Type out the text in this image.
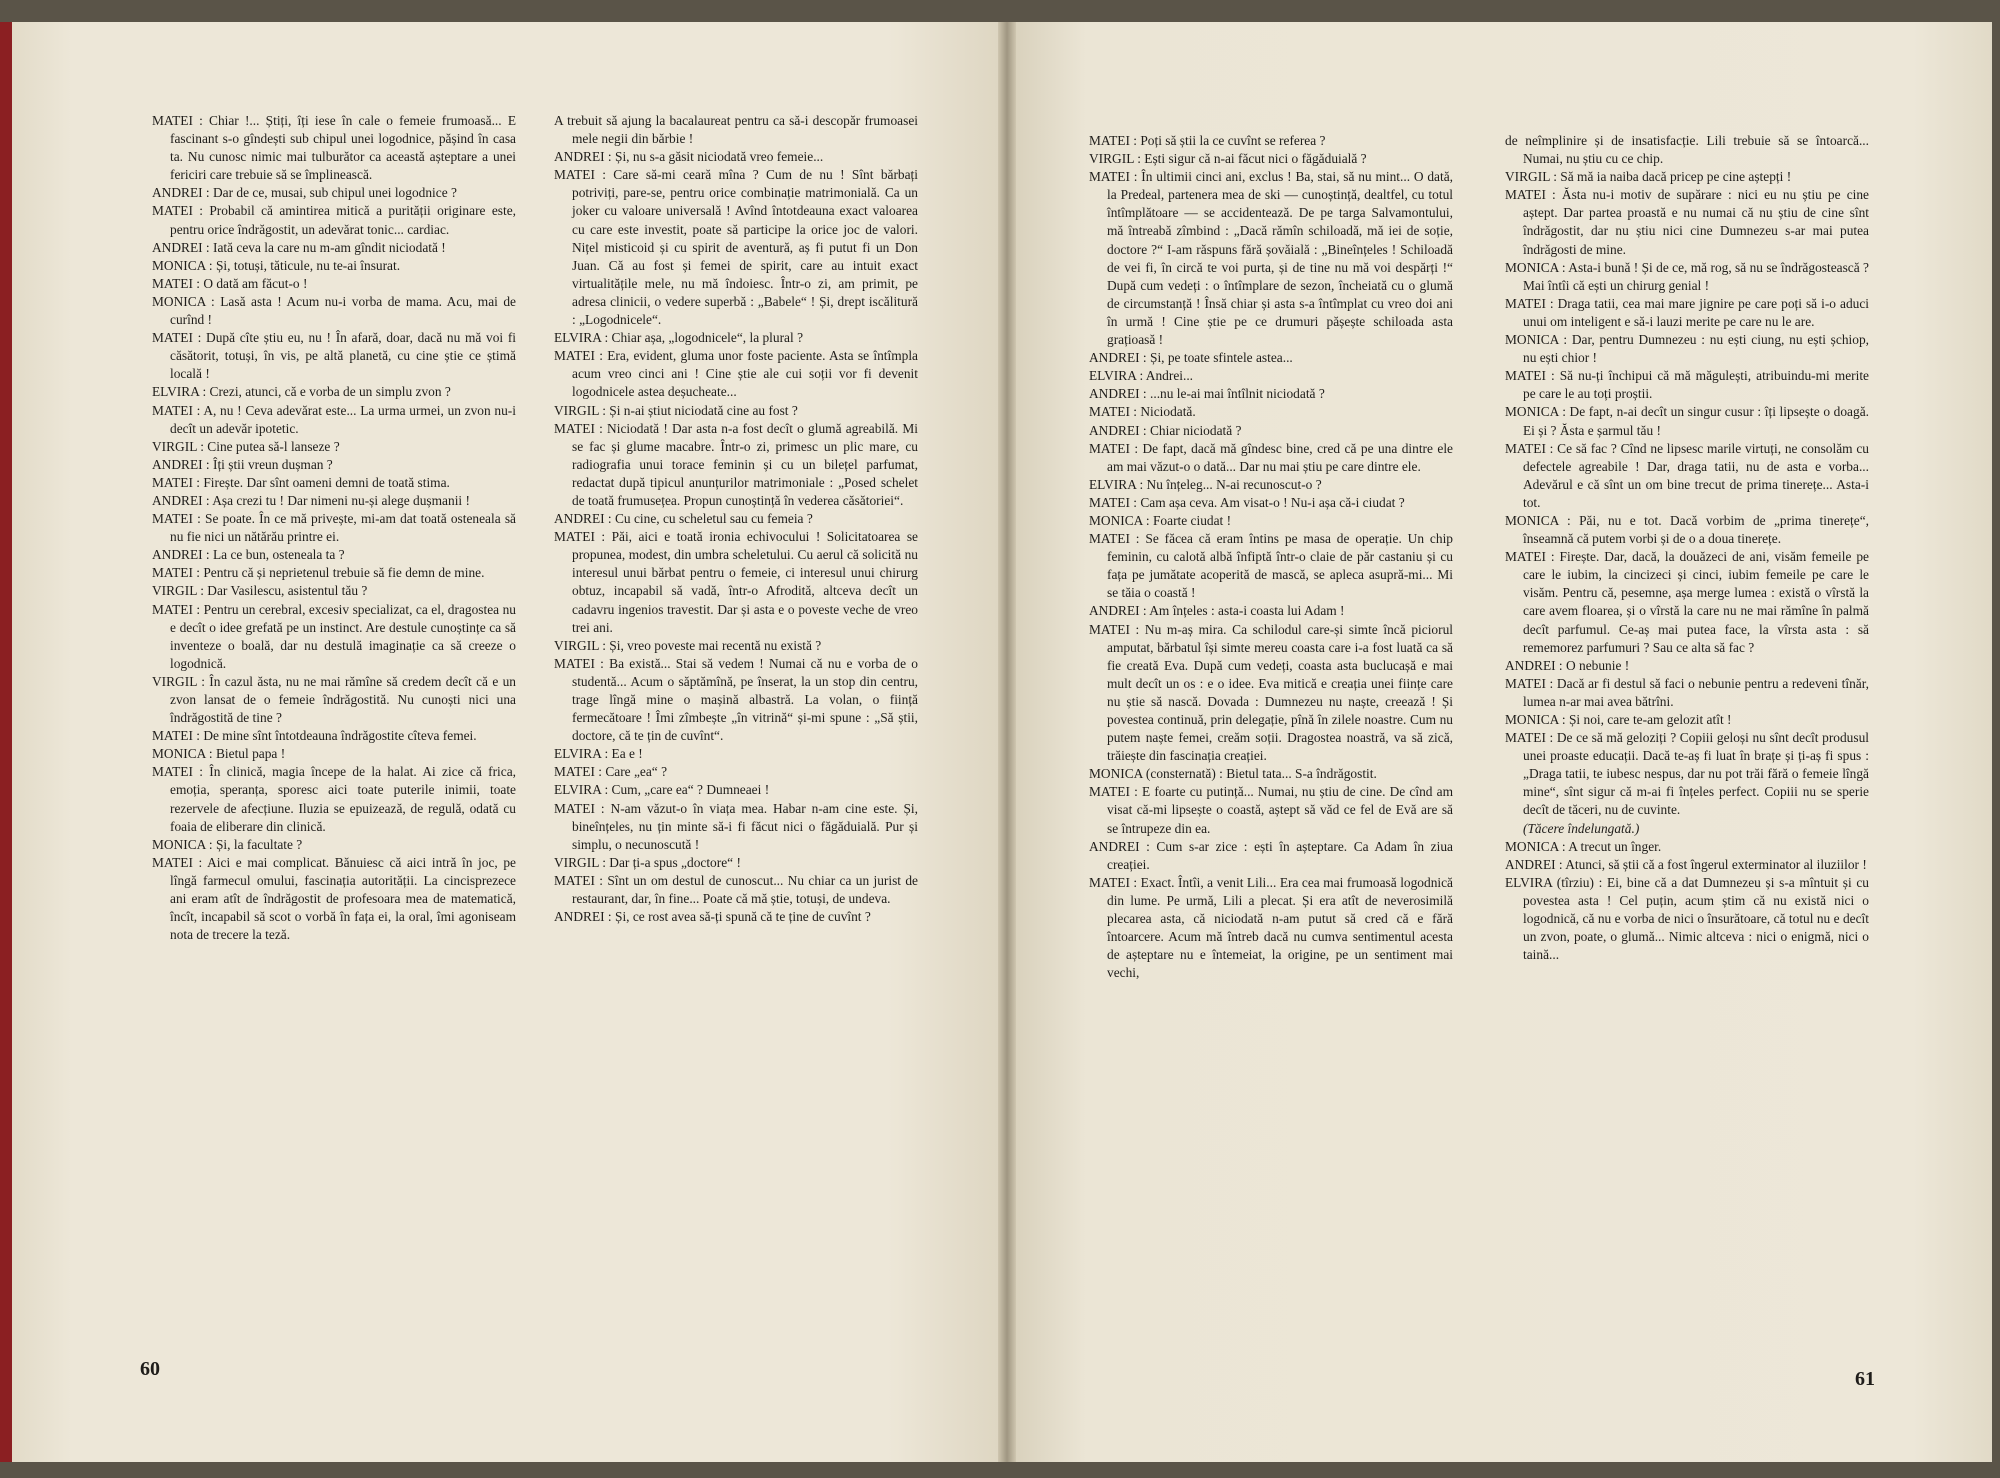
MATEI : Chiar !... Știți, îți iese în cale o femeie frumoasă... E fascinant s-o gîndești sub chipul unei logodnice, pășind în casa ta. Nu cunosc nimic mai tulburător ca această așteptare a unei fericiri care trebuie să se împlinească.

ANDREI : Dar de ce, musai, sub chipul unei logodnice ?

MATEI : Probabil că amintirea mitică a purității originare este, pentru orice îndrăgostit, un adevărat tonic... cardiac.

ANDREI : Iată ceva la care nu m-am gîndit niciodată !

MONICA : Și, totuși, tăticule, nu te-ai însurat.

MATEI : O dată am făcut-o !

MONICA : Lasă asta ! Acum nu-i vorba de mama. Acu, mai de curînd !

MATEI : După cîte știu eu, nu ! În afară, doar, dacă nu mă voi fi căsătorit, totuși, în vis, pe altă planetă, cu cine știe ce știmă locală !

ELVIRA : Crezi, atunci, că e vorba de un simplu zvon ?

MATEI : A, nu ! Ceva adevărat este... La urma urmei, un zvon nu-i decît un adevăr ipotetic.

VIRGIL : Cine putea să-l lanseze ?

ANDREI : Îți știi vreun dușman ?

MATEI : Firește. Dar sînt oameni demni de toată stima.

ANDREI : Așa crezi tu ! Dar nimeni nu-și alege dușmanii !

MATEI : Se poate. În ce mă privește, mi-am dat toată osteneala să nu fie nici un nătărău printre ei.

ANDREI : La ce bun, osteneala ta ?

MATEI : Pentru că și neprietenul trebuie să fie demn de mine.

VIRGIL : Dar Vasilescu, asistentul tău ?

MATEI : Pentru un cerebral, excesiv specializat, ca el, dragostea nu e decît o idee grefată pe un instinct. Are destule cunoștințe ca să inventeze o boală, dar nu destulă imaginație ca să creeze o logodnică.

VIRGIL : În cazul ăsta, nu ne mai rămîne să credem decît că e un zvon lansat de o femeie îndrăgostită. Nu cunoști nici una îndrăgostită de tine ?

MATEI : De mine sînt întotdeauna îndrăgostite cîteva femei.

MONICA : Bietul papa !

MATEI : În clinică, magia începe de la halat. Ai zice că frica, emoția, speranța, sporesc aici toate puterile inimii, toate rezervele de afecțiune. Iluzia se epuizează, de regulă, odată cu foaia de eliberare din clinică.

MONICA : Și, la facultate ?

MATEI : Aici e mai complicat. Bănuiesc că aici intră în joc, pe lîngă farmecul omului, fascinația autorității. La cincisprezece ani eram atît de îndrăgostit de profesoara mea de matematică, încît, incapabil să scot o vorbă în fața ei, la oral, îmi agoniseam nota de trecere la teză.

A trebuit să ajung la bacalaureat pentru ca să-i descopăr frumoasei mele negii din bărbie !

ANDREI : Și, nu s-a găsit niciodată vreo femeie...

MATEI : Care să-mi ceară mîna ? Cum de nu ! Sînt bărbați potriviți, pare-se, pentru orice combinație matrimonială. Ca un joker cu valoare universală ! Avînd întotdeauna exact valoarea cu care este investit, poate să participe la orice joc de valori. Nițel misticoid și cu spirit de aventură, aș fi putut fi un Don Juan. Că au fost și femei de spirit, care au intuit exact virtualitățile mele, nu mă îndoiesc. Într-o zi, am primit, pe adresa clinicii, o vedere superbă : „Babele“ ! Și, drept iscălitură : „Logodnicele“.

ELVIRA : Chiar așa, „logodnicele“, la plural ?

MATEI : Era, evident, gluma unor foste paciente. Asta se întîmpla acum vreo cinci ani ! Cine știe ale cui soții vor fi devenit logodnicele astea deșucheate...

VIRGIL : Și n-ai știut niciodată cine au fost ?

MATEI : Niciodată ! Dar asta n-a fost decît o glumă agreabilă. Mi se fac și glume macabre. Într-o zi, primesc un plic mare, cu radiografia unui torace feminin și cu un bilețel parfumat, redactat după tipicul anunțurilor matrimoniale : „Posed schelet de toată frumusețea. Propun cunoștință în vederea căsătoriei“.

ANDREI : Cu cine, cu scheletul sau cu femeia ?

MATEI : Păi, aici e toată ironia echivocului ! Solicitatoarea se propunea, modest, din umbra scheletului. Cu aerul că solicită nu interesul unui bărbat pentru o femeie, ci interesul unui chirurg obtuz, incapabil să vadă, într-o Afrodită, altceva decît un cadavru ingenios travestit. Dar și asta e o poveste veche de vreo trei ani.

VIRGIL : Și, vreo poveste mai recentă nu există ?

MATEI : Ba există... Stai să vedem ! Numai că nu e vorba de o studentă... Acum o săptămînă, pe înserat, la un stop din centru, trage lîngă mine o mașină albastră. La volan, o ființă fermecătoare ! Îmi zîmbește „în vitrină“ și-mi spune : „Să știi, doctore, că te țin de cuvînt“.

ELVIRA : Ea e !

MATEI : Care „ea“ ?

ELVIRA : Cum, „care ea“ ? Dumneaei !

MATEI : N-am văzut-o în viața mea. Habar n-am cine este. Și, bineînțeles, nu țin minte să-i fi făcut nici o făgăduială. Pur și simplu, o necunoscută !

VIRGIL : Dar ți-a spus „doctore“ !

MATEI : Sînt un om destul de cunoscut... Nu chiar ca un jurist de restaurant, dar, în fine... Poate că mă știe, totuși, de undeva.

ANDREI : Și, ce rost avea să-ți spună că te ține de cuvînt ?

60

MATEI : Poți să știi la ce cuvînt se referea ?

VIRGIL : Ești sigur că n-ai făcut nici o făgăduială ?

MATEI : În ultimii cinci ani, exclus ! Ba, stai, să nu mint... O dată, la Predeal, partenera mea de ski — cunoștință, dealtfel, cu totul întîmplătoare — se accidentează. De pe targa Salvamontului, mă întreabă zîmbind : „Dacă rămîn schiloadă, mă iei de soție, doctore ?“ I-am răspuns fără șovăială : „Bineînțeles ! Schiloadă de vei fi, în circă te voi purta, și de tine nu mă voi despărți !“ După cum vedeți : o întîmplare de sezon, încheiată cu o glumă de circumstanță ! Însă chiar și asta s-a întîmplat cu vreo doi ani în urmă ! Cine știe pe ce drumuri pășește schiloada asta grațioasă !

ANDREI : Și, pe toate sfintele astea...

ELVIRA : Andrei...

ANDREI : ...nu le-ai mai întîlnit niciodată ?

MATEI : Niciodată.

ANDREI : Chiar niciodată ?

MATEI : De fapt, dacă mă gîndesc bine, cred că pe una dintre ele am mai văzut-o o dată... Dar nu mai știu pe care dintre ele.

ELVIRA : Nu înțeleg... N-ai recunoscut-o ?

MATEI : Cam așa ceva. Am visat-o ! Nu-i așa că-i ciudat ?

MONICA : Foarte ciudat !

MATEI : Se făcea că eram întins pe masa de operație. Un chip feminin, cu calotă albă înfiptă într-o claie de păr castaniu și cu fața pe jumătate acoperită de mască, se apleca asupră-mi... Mi se tăia o coastă !

ANDREI : Am înțeles : asta-i coasta lui Adam !

MATEI : Nu m-aș mira. Ca schilodul care-și simte încă piciorul amputat, bărbatul își simte mereu coasta care i-a fost luată ca să fie creată Eva. După cum vedeți, coasta asta buclucașă e mai mult decît un os : e o idee. Eva mitică e creația unei ființe care nu știe să nască. Dovada : Dumnezeu nu naște, creează ! Și povestea continuă, prin delegație, pînă în zilele noastre. Cum nu putem naște femei, creăm soții. Dragostea noastră, va să zică, trăiește din fascinația creației.

MONICA (consternată) : Bietul tata... S-a îndrăgostit.

MATEI : E foarte cu putință... Numai, nu știu de cine. De cînd am visat că-mi lipsește o coastă, aștept să văd ce fel de Evă are să se întrupeze din ea.

ANDREI : Cum s-ar zice : ești în așteptare. Ca Adam în ziua creației.

MATEI : Exact. Întîi, a venit Lili... Era cea mai frumoasă logodnică din lume. Pe urmă, Lili a plecat. Și era atît de neverosimilă plecarea asta, că niciodată n-am putut să cred că e fără întoarcere. Acum mă întreb dacă nu cumva sentimentul acesta de așteptare nu e întemeiat, la origine, pe un sentiment mai vechi,

de neîmplinire și de insatisfacție. Lili trebuie să se întoarcă... Numai, nu știu cu ce chip.

VIRGIL : Să mă ia naiba dacă pricep pe cine aștepți !

MATEI : Ăsta nu-i motiv de supărare : nici eu nu știu pe cine aștept. Dar partea proastă e nu numai că nu știu de cine sînt îndrăgostit, dar nu știu nici cine Dumnezeu s-ar mai putea îndrăgosti de mine.

MONICA : Asta-i bună ! Și de ce, mă rog, să nu se îndrăgostească ? Mai întîi că ești un chirurg genial !

MATEI : Draga tatii, cea mai mare jignire pe care poți să i-o aduci unui om inteligent e să-i lauzi merite pe care nu le are.

MONICA : Dar, pentru Dumnezeu : nu ești ciung, nu ești șchiop, nu ești chior !

MATEI : Să nu-ți închipui că mă măgulești, atribuindu-mi merite pe care le au toți proștii.

MONICA : De fapt, n-ai decît un singur cusur : îți lipsește o doagă. Ei și ? Ăsta e șarmul tău !

MATEI : Ce să fac ? Cînd ne lipsesc marile virtuți, ne consolăm cu defectele agreabile ! Dar, draga tatii, nu de asta e vorba... Adevărul e că sînt un om bine trecut de prima tinerețe... Asta-i tot.

MONICA : Păi, nu e tot. Dacă vorbim de „prima tinerețe“, înseamnă că putem vorbi și de o a doua tinerețe.

MATEI : Firește. Dar, dacă, la douăzeci de ani, visăm femeile pe care le iubim, la cincizeci și cinci, iubim femeile pe care le visăm. Pentru că, pesemne, așa merge lumea : există o vîrstă la care avem floarea, și o vîrstă la care nu ne mai rămîne în palmă decît parfumul. Ce-aș mai putea face, la vîrsta asta : să rememorez parfumuri ? Sau ce alta să fac ?

ANDREI : O nebunie !

MATEI : Dacă ar fi destul să faci o nebunie pentru a redeveni tînăr, lumea n-ar mai avea bătrîni.

MONICA : Și noi, care te-am gelozit atît !

MATEI : De ce să mă geloziți ? Copiii geloși nu sînt decît produsul unei proaste educații. Dacă te-aș fi luat în brațe și ți-aș fi spus : „Draga tatii, te iubesc nespus, dar nu pot trăi fără o femeie lîngă mine“, sînt sigur că m-ai fi înțeles perfect. Copiii nu se sperie decît de tăceri, nu de cuvinte.

(Tăcere îndelungată.)

MONICA : A trecut un înger.

ANDREI : Atunci, să știi că a fost îngerul exterminator al iluziilor !

ELVIRA (tîrziu) : Ei, bine că a dat Dumnezeu și s-a mîntuit și cu povestea asta ! Cel puțin, acum știm că nu există nici o logodnică, că nu e vorba de nici o însurătoare, că totul nu e decît un zvon, poate, o glumă... Nimic altceva : nici o enigmă, nici o taină...

61
